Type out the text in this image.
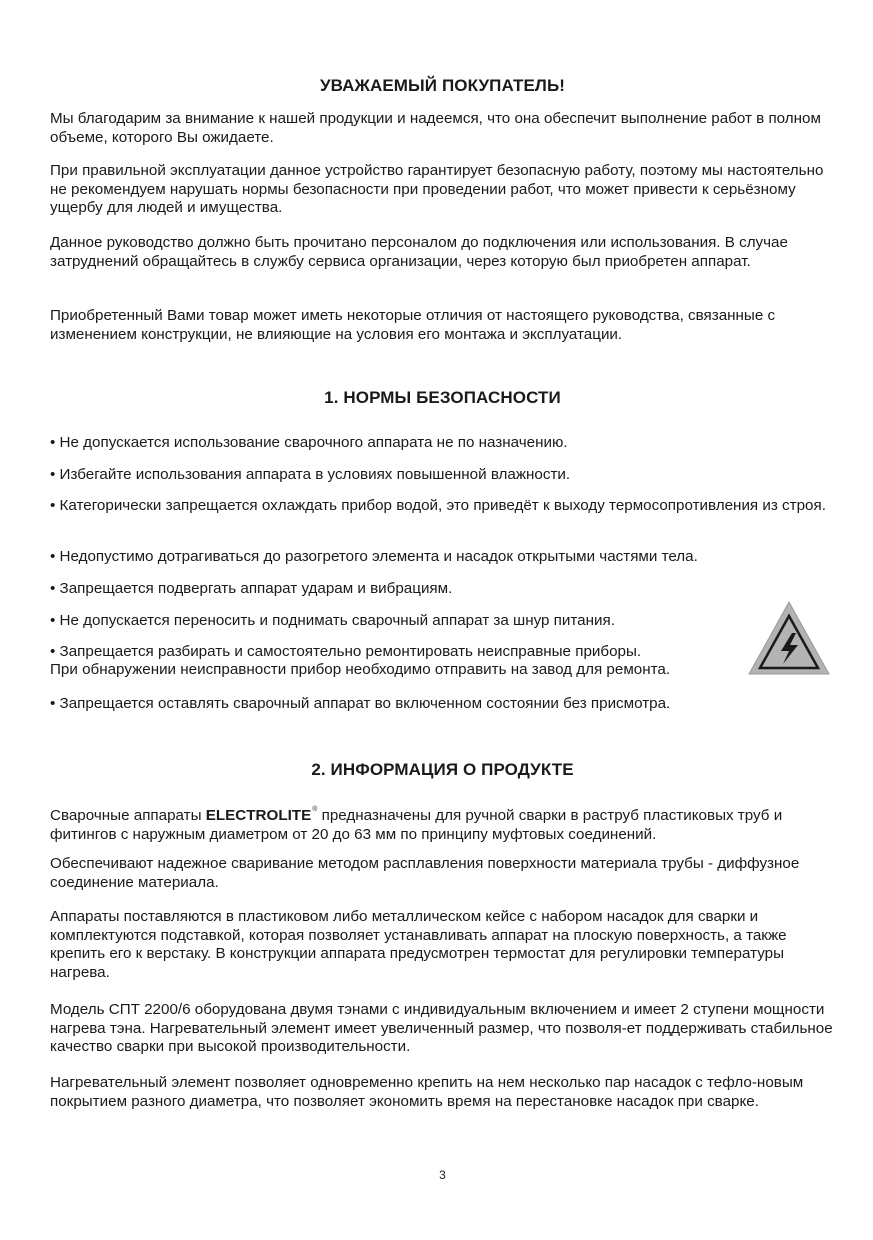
УВАЖАЕМЫЙ ПОКУПАТЕЛЬ!
Мы благодарим за внимание к нашей продукции и надеемся, что она обеспечит выполнение работ в полном объеме, которого Вы ожидаете.
При правильной эксплуатации данное устройство гарантирует безопасную работу, поэтому мы настоятельно не рекомендуем нарушать нормы безопасности при проведении работ, что может привести к серьёзному ущербу для людей и имущества.
Данное руководство должно быть прочитано персоналом до подключения или использования. В случае затруднений обращайтесь в службу сервиса организации, через которую был приобретен аппарат.
Приобретенный Вами товар может иметь некоторые отличия от настоящего руководства, связанные с изменением конструкции, не влияющие на условия его монтажа и эксплуатации.
1. НОРМЫ БЕЗОПАСНОСТИ
• Не допускается использование сварочного аппарата не по назначению.
• Избегайте использования аппарата в условиях повышенной влажности.
• Категорически запрещается охлаждать прибор водой, это приведёт к выходу термосопротивления из строя.
• Недопустимо дотрагиваться до разогретого элемента и насадок открытыми частями тела.
• Запрещается подвергать аппарат ударам и вибрациям.
• Не допускается переносить и поднимать сварочный аппарат за шнур питания.
• Запрещается разбирать и самостоятельно ремонтировать неисправные приборы.
При обнаружении неисправности прибор необходимо отправить на завод для ремонта.
• Запрещается оставлять сварочный аппарат во включенном состоянии без присмотра.
2. ИНФОРМАЦИЯ О ПРОДУКТЕ
Сварочные аппараты ELECTROLITE® предназначены для ручной сварки в раструб пластиковых труб и фитингов с наружным диаметром от 20 до 63 мм по принципу муфтовых соединений.
Обеспечивают надежное сваривание методом расплавления поверхности материала трубы - диффузное соединение материала.
Аппараты поставляются в пластиковом либо металлическом кейсе с набором насадок для сварки и комплектуются подставкой, которая позволяет устанавливать аппарат на плоскую поверхность, а также крепить его к верстаку. В конструкции аппарата предусмотрен термостат для регулировки температуры нагрева.
Модель СПТ 2200/6 оборудована двумя тэнами с индивидуальным включением и имеет 2 ступени мощности нагрева тэна. Нагревательный элемент имеет увеличенный размер, что позволя-ет поддерживать стабильное качество сварки при высокой производительности.
Нагревательный элемент позволяет одновременно крепить на нем несколько пар насадок с тефло-новым покрытием разного диаметра, что позволяет экономить время на перестановке насадок при сварке.
3
